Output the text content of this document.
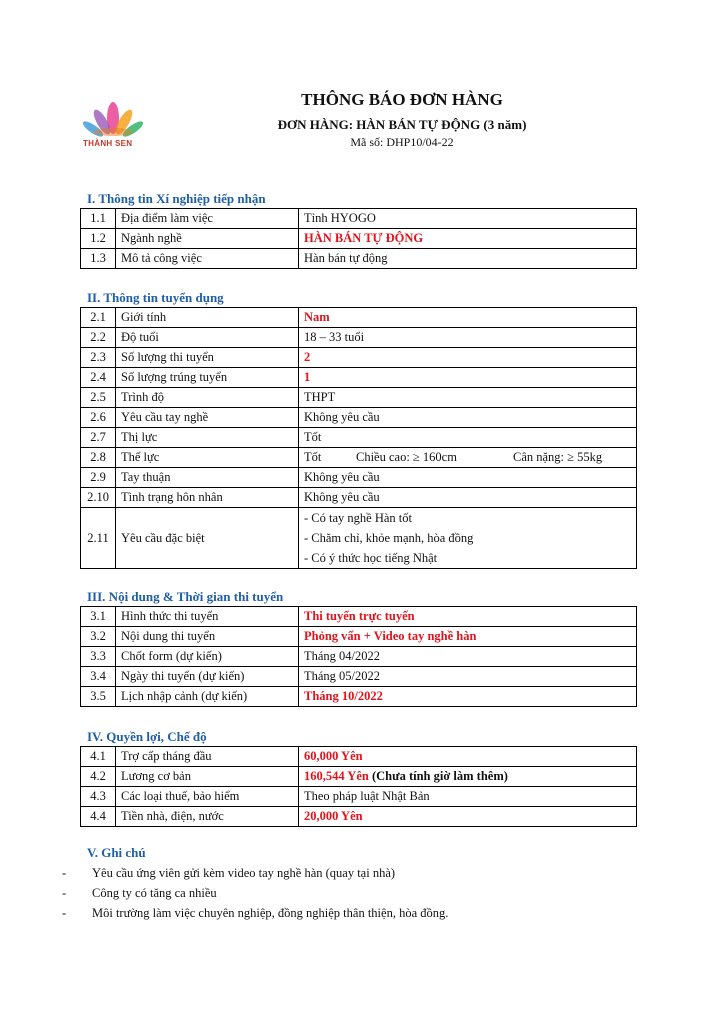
THÀNH SEN
THÔNG BÁO ĐƠN HÀNG
ĐƠN HÀNG: HÀN BÁN TỰ ĐỘNG (3 năm)
Mã số: DHP10/04-22
I. Thông tin Xí nghiệp tiếp nhận
1.1	Địa điểm làm việc	Tỉnh HYOGO
1.2	Ngành nghề	HÀN BÁN TỰ ĐỘNG
1.3	Mô tả công việc	Hàn bán tự động
II. Thông tin tuyển dụng
2.1	Giới tính	Nam
2.2	Độ tuổi	18 – 33 tuổi
2.3	Số lượng thi tuyển	2
2.4	Số lượng trúng tuyển	1
2.5	Trình độ	THPT
2.6	Yêu cầu tay nghề	Không yêu cầu
2.7	Thị lực	Tốt
2.8	Thể lực	Tốt Chiều cao: ≥ 160cm Cân nặng: ≥ 55kg
2.9	Tay thuận	Không yêu cầu
2.10	Tình trạng hôn nhân	Không yêu cầu
2.11	Yêu cầu đặc biệt	- Có tay nghề Hàn tốt
- Chăm chỉ, khỏe mạnh, hòa đồng
- Có ý thức học tiếng Nhật
III. Nội dung & Thời gian thi tuyển
3.1	Hình thức thi tuyển	Thi tuyển trực tuyến
3.2	Nội dung thi tuyển	Phỏng vấn + Video tay nghề hàn
3.3	Chốt form (dự kiến)	Tháng 04/2022
3.4	Ngày thi tuyển (dự kiến)	Tháng 05/2022
3.5	Lịch nhập cảnh (dự kiến)	Tháng 10/2022
IV. Quyền lợi, Chế độ
4.1	Trợ cấp tháng đầu	60,000 Yên
4.2	Lương cơ bản	160,544 Yên (Chưa tính giờ làm thêm)
4.3	Các loại thuế, bảo hiểm	Theo pháp luật Nhật Bản
4.4	Tiền nhà, điện, nước	20,000 Yên
V. Ghi chú
-	Yêu cầu ứng viên gửi kèm video tay nghề hàn (quay tại nhà)
-	Công ty có tăng ca nhiều
-	Môi trường làm việc chuyên nghiệp, đồng nghiệp thân thiện, hòa đồng.
